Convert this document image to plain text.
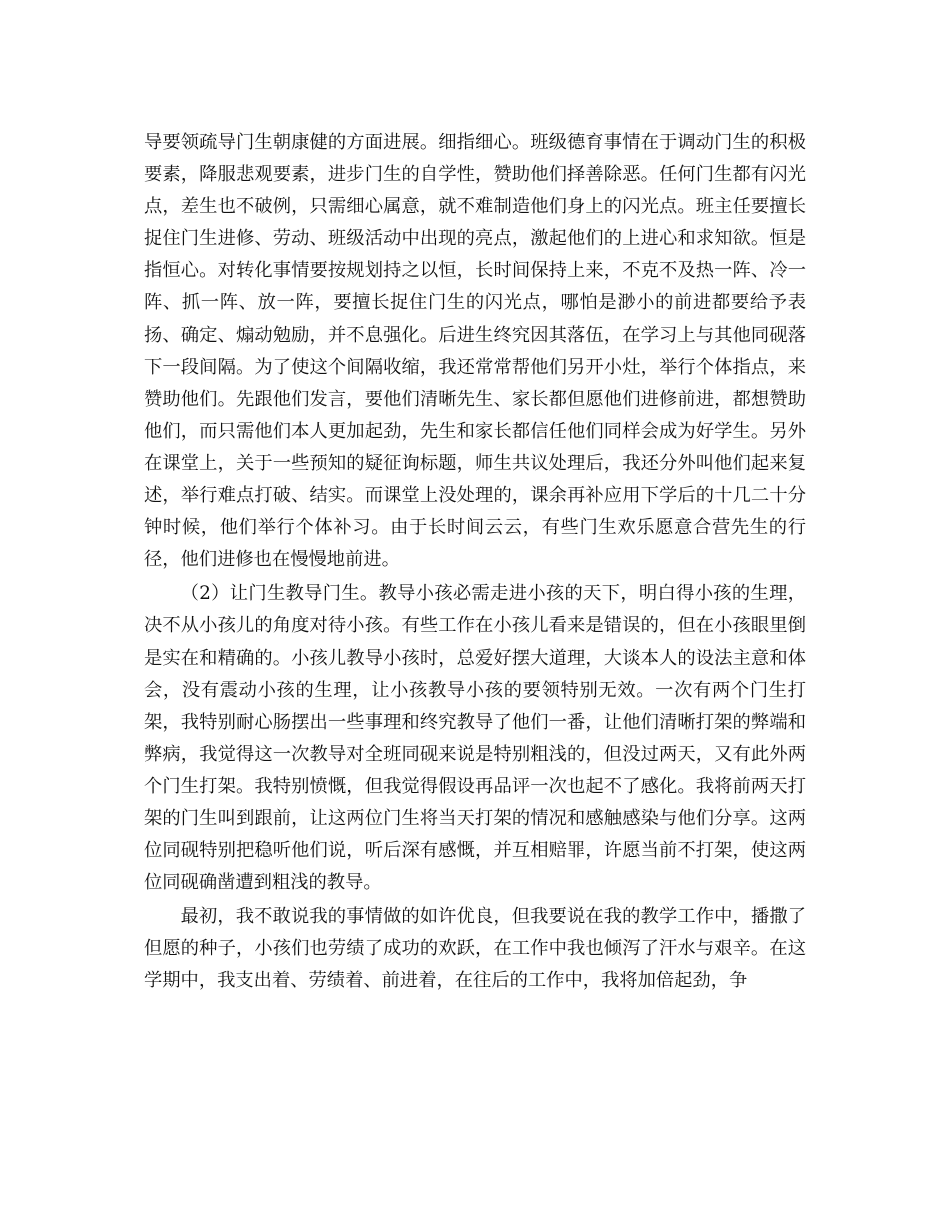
导要领疏导门生朝康健的方面进展。细指细心。班级德育事情在于调动门生的积极要素，降服悲观要素，进步门生的自学性，赞助他们择善除恶。任何门生都有闪光点，差生也不破例，只需细心属意，就不难制造他们身上的闪光点。班主任要擅长捉住门生进修、劳动、班级活动中出现的亮点，激起他们的上进心和求知欲。恒是指恒心。对转化事情要按规划持之以恒，长时间保持上来，不克不及热一阵、冷一阵、抓一阵、放一阵，要擅长捉住门生的闪光点，哪怕是渺小的前进都要给予表扬、确定、煽动勉励，并不息强化。后进生终究因其落伍，在学习上与其他同砚落下一段间隔。为了使这个间隔收缩，我还常常帮他们另开小灶，举行个体指点，来赞助他们。先跟他们发言，要他们清晰先生、家长都但愿他们进修前进，都想赞助他们，而只需他们本人更加起劲，先生和家长都信任他们同样会成为好学生。另外在课堂上，关于一些预知的疑征询标题，师生共议处理后，我还分外叫他们起来复述，举行难点打破、结实。而课堂上没处理的，课余再补应用下学后的十几二十分钟时候，他们举行个体补习。由于长时间云云，有些门生欢乐愿意合营先生的行径，他们进修也在慢慢地前进。

（2）让门生教导门生。教导小孩必需走进小孩的天下，明白得小孩的生理，决不从小孩儿的角度对待小孩。有些工作在小孩儿看来是错误的，但在小孩眼里倒是实在和精确的。小孩儿教导小孩时，总爱好摆大道理，大谈本人的设法主意和体会，没有震动小孩的生理，让小孩教导小孩的要领特别无效。一次有两个门生打架，我特别耐心肠摆出一些事理和终究教导了他们一番，让他们清晰打架的弊端和弊病，我觉得这一次教导对全班同砚来说是特别粗浅的，但没过两天，又有此外两个门生打架。我特别愤慨，但我觉得假设再品评一次也起不了感化。我将前两天打架的门生叫到跟前，让这两位门生将当天打架的情况和感触感染与他们分享。这两位同砚特别把稳听他们说，听后深有感慨，并互相赔罪，许愿当前不打架，使这两位同砚确凿遭到粗浅的教导。

最初，我不敢说我的事情做的如许优良，但我要说在我的教学工作中，播撒了但愿的种子，小孩们也劳绩了成功的欢跃，在工作中我也倾泻了汗水与艰辛。在这学期中，我支出着、劳绩着、前进着，在往后的工作中，我将加倍起劲，争
